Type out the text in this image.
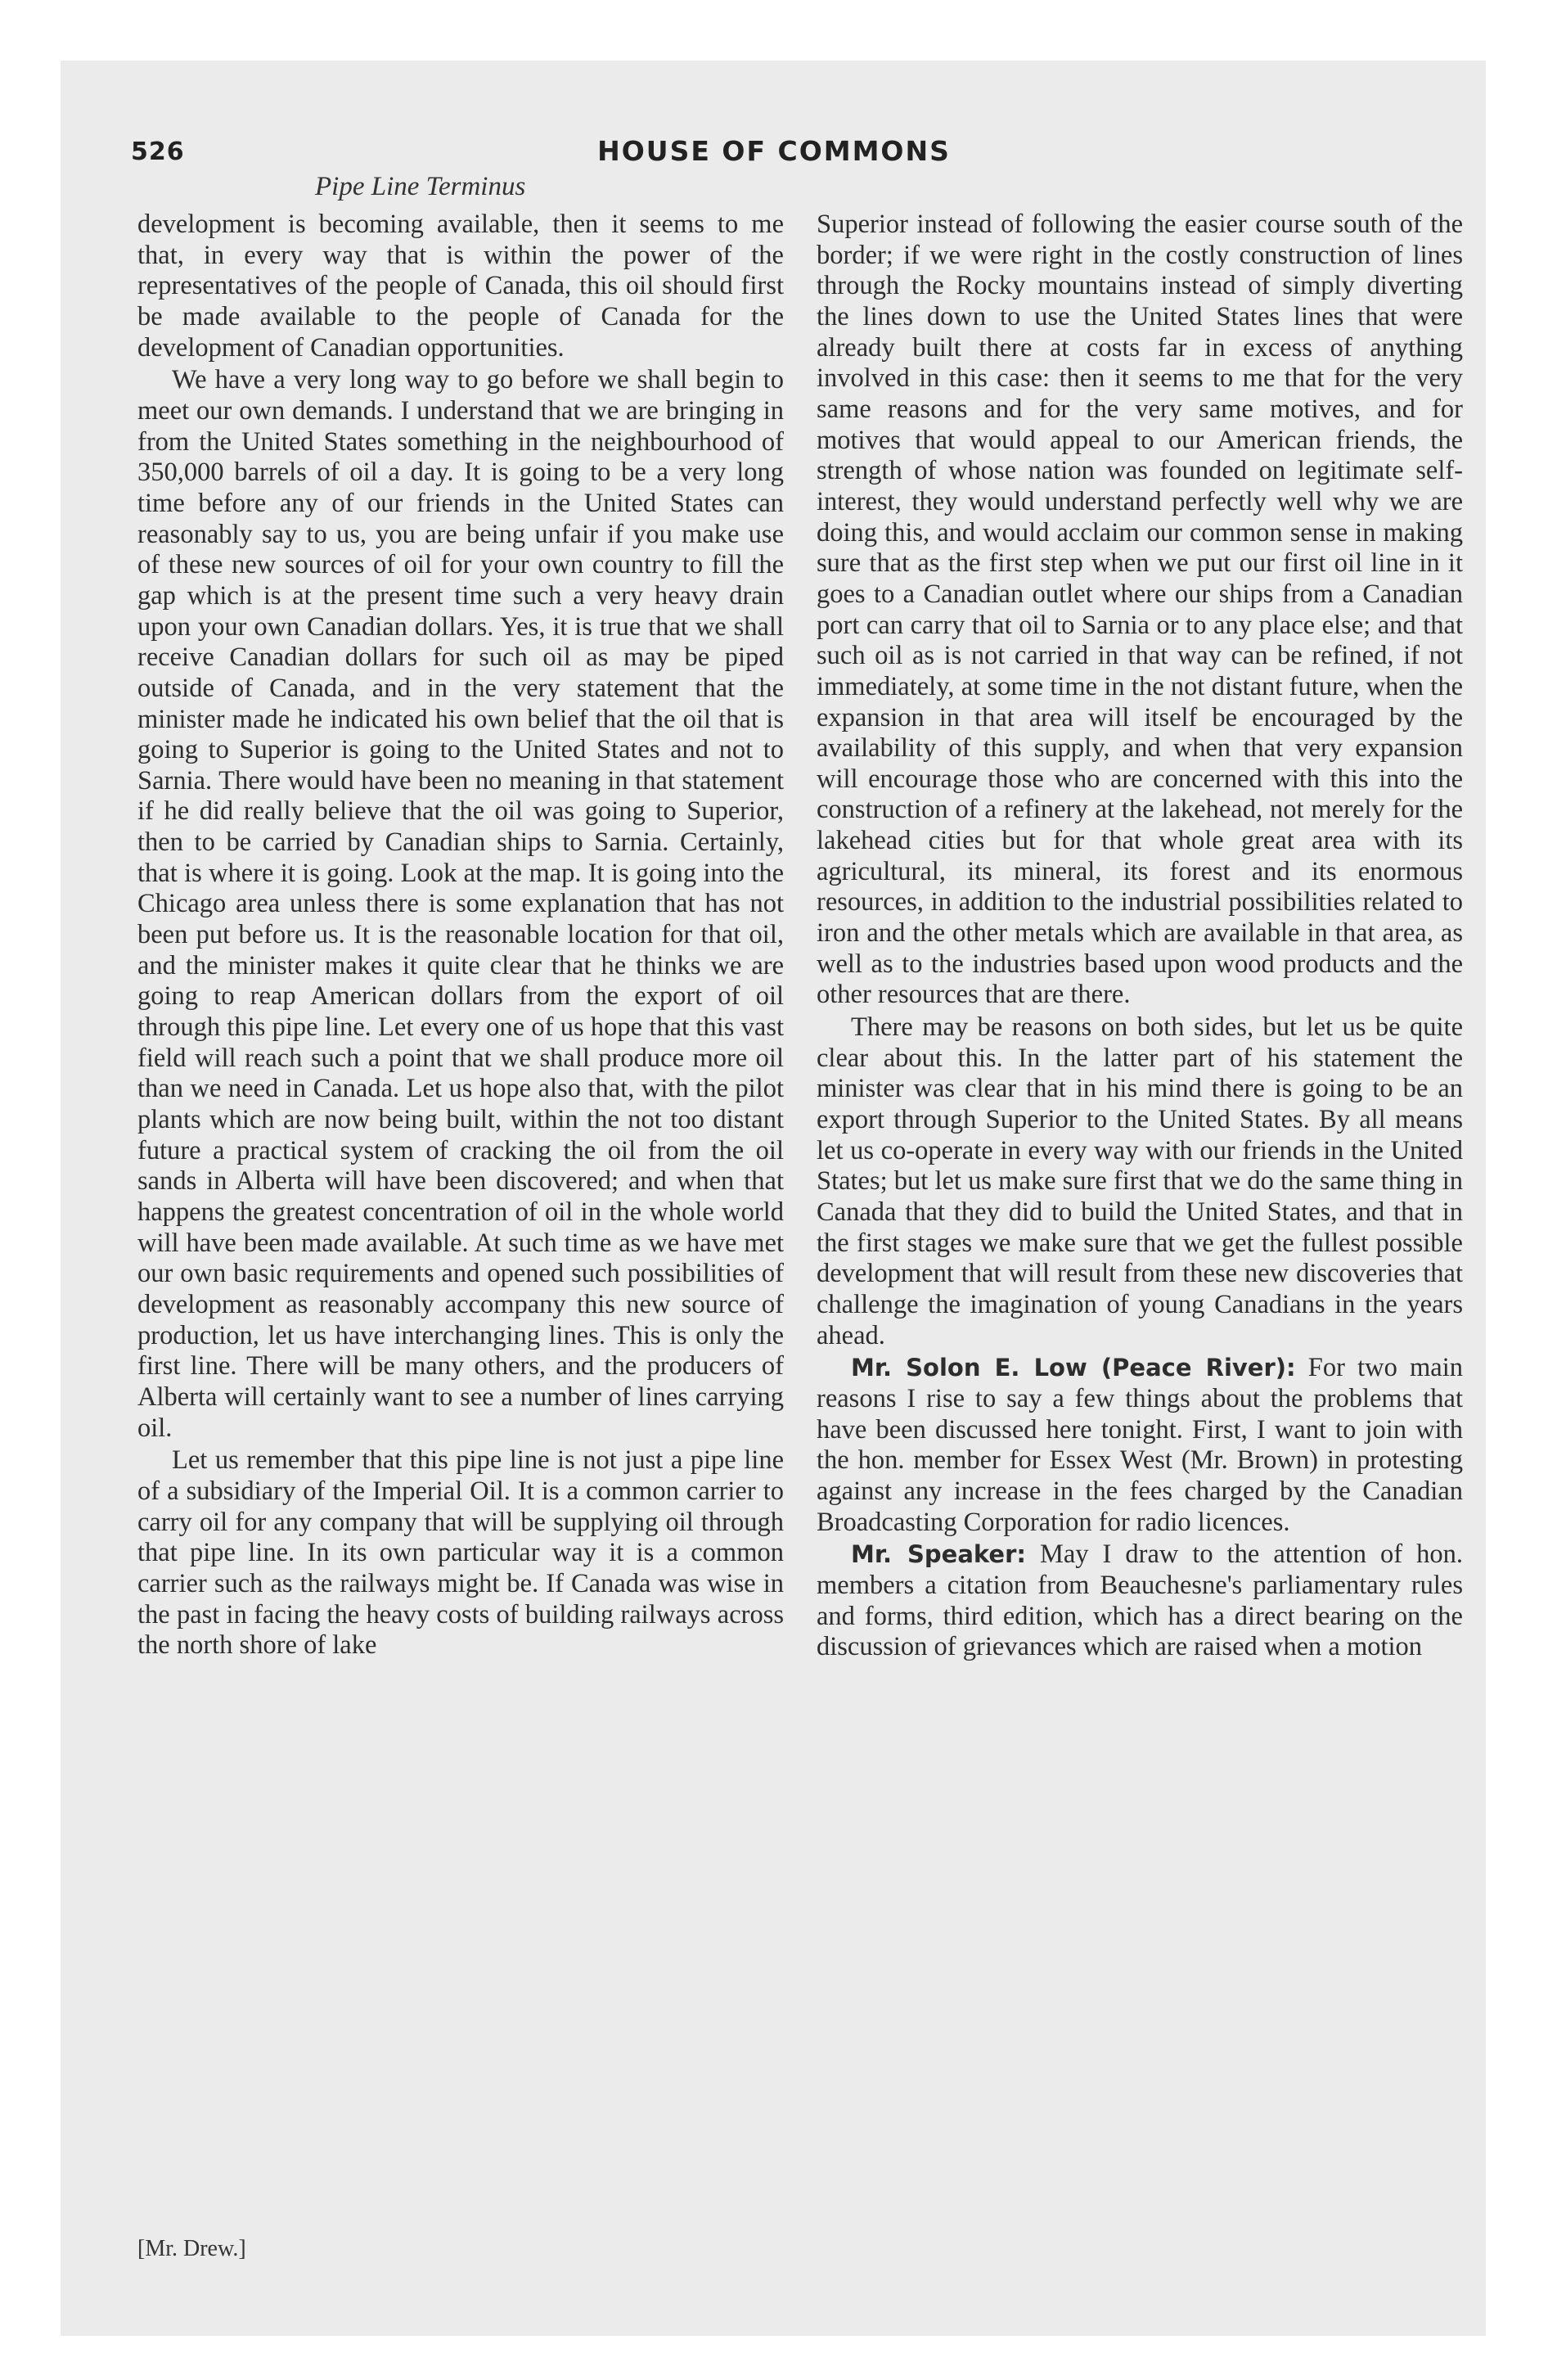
526	HOUSE OF COMMONS
Pipe Line Terminus

development is becoming available, then it seems to me that, in every way that is within the power of the representatives of the people of Canada, this oil should first be made available to the people of Canada for the development of Canadian opportunities.

We have a very long way to go before we shall begin to meet our own demands. I understand that we are bringing in from the United States something in the neighbourhood of 350,000 barrels of oil a day. It is going to be a very long time before any of our friends in the United States can reasonably say to us, you are being unfair if you make use of these new sources of oil for your own country to fill the gap which is at the present time such a very heavy drain upon your own Canadian dollars. Yes, it is true that we shall receive Canadian dollars for such oil as may be piped outside of Canada, and in the very statement that the minister made he indicated his own belief that the oil that is going to Superior is going to the United States and not to Sarnia. There would have been no meaning in that statement if he did really believe that the oil was going to Superior, then to be carried by Canadian ships to Sarnia. Certainly, that is where it is going. Look at the map. It is going into the Chicago area unless there is some explanation that has not been put before us. It is the reasonable location for that oil, and the minister makes it quite clear that he thinks we are going to reap American dollars from the export of oil through this pipe line. Let every one of us hope that this vast field will reach such a point that we shall produce more oil than we need in Canada. Let us hope also that, with the pilot plants which are now being built, within the not too distant future a practical system of cracking the oil from the oil sands in Alberta will have been discovered; and when that happens the greatest concentration of oil in the whole world will have been made available. At such time as we have met our own basic requirements and opened such possibilities of development as reasonably accompany this new source of production, let us have interchanging lines. This is only the first line. There will be many others, and the producers of Alberta will certainly want to see a number of lines carrying oil.

Let us remember that this pipe line is not just a pipe line of a subsidiary of the Imperial Oil. It is a common carrier to carry oil for any company that will be supplying oil through that pipe line. In its own particular way it is a common carrier such as the railways might be. If Canada was wise in the past in facing the heavy costs of building railways across the north shore of lake

Superior instead of following the easier course south of the border; if we were right in the costly construction of lines through the Rocky mountains instead of simply diverting the lines down to use the United States lines that were already built there at costs far in excess of anything involved in this case: then it seems to me that for the very same reasons and for the very same motives, and for motives that would appeal to our American friends, the strength of whose nation was founded on legitimate self-interest, they would understand perfectly well why we are doing this, and would acclaim our common sense in making sure that as the first step when we put our first oil line in it goes to a Canadian outlet where our ships from a Canadian port can carry that oil to Sarnia or to any place else; and that such oil as is not carried in that way can be refined, if not immediately, at some time in the not distant future, when the expansion in that area will itself be encouraged by the availability of this supply, and when that very expansion will encourage those who are concerned with this into the construction of a refinery at the lakehead, not merely for the lakehead cities but for that whole great area with its agricultural, its mineral, its forest and its enormous resources, in addition to the industrial possibilities related to iron and the other metals which are available in that area, as well as to the industries based upon wood products and the other resources that are there.

There may be reasons on both sides, but let us be quite clear about this. In the latter part of his statement the minister was clear that in his mind there is going to be an export through Superior to the United States. By all means let us co-operate in every way with our friends in the United States; but let us make sure first that we do the same thing in Canada that they did to build the United States, and that in the first stages we make sure that we get the fullest possible development that will result from these new discoveries that challenge the imagination of young Canadians in the years ahead.

Mr. Solon E. Low (Peace River): For two main reasons I rise to say a few things about the problems that have been discussed here tonight. First, I want to join with the hon. member for Essex West (Mr. Brown) in protesting against any increase in the fees charged by the Canadian Broadcasting Corporation for radio licences.

Mr. Speaker: May I draw to the attention of hon. members a citation from Beauchesne's parliamentary rules and forms, third edition, which has a direct bearing on the discussion of grievances which are raised when a motion

[Mr. Drew.]
